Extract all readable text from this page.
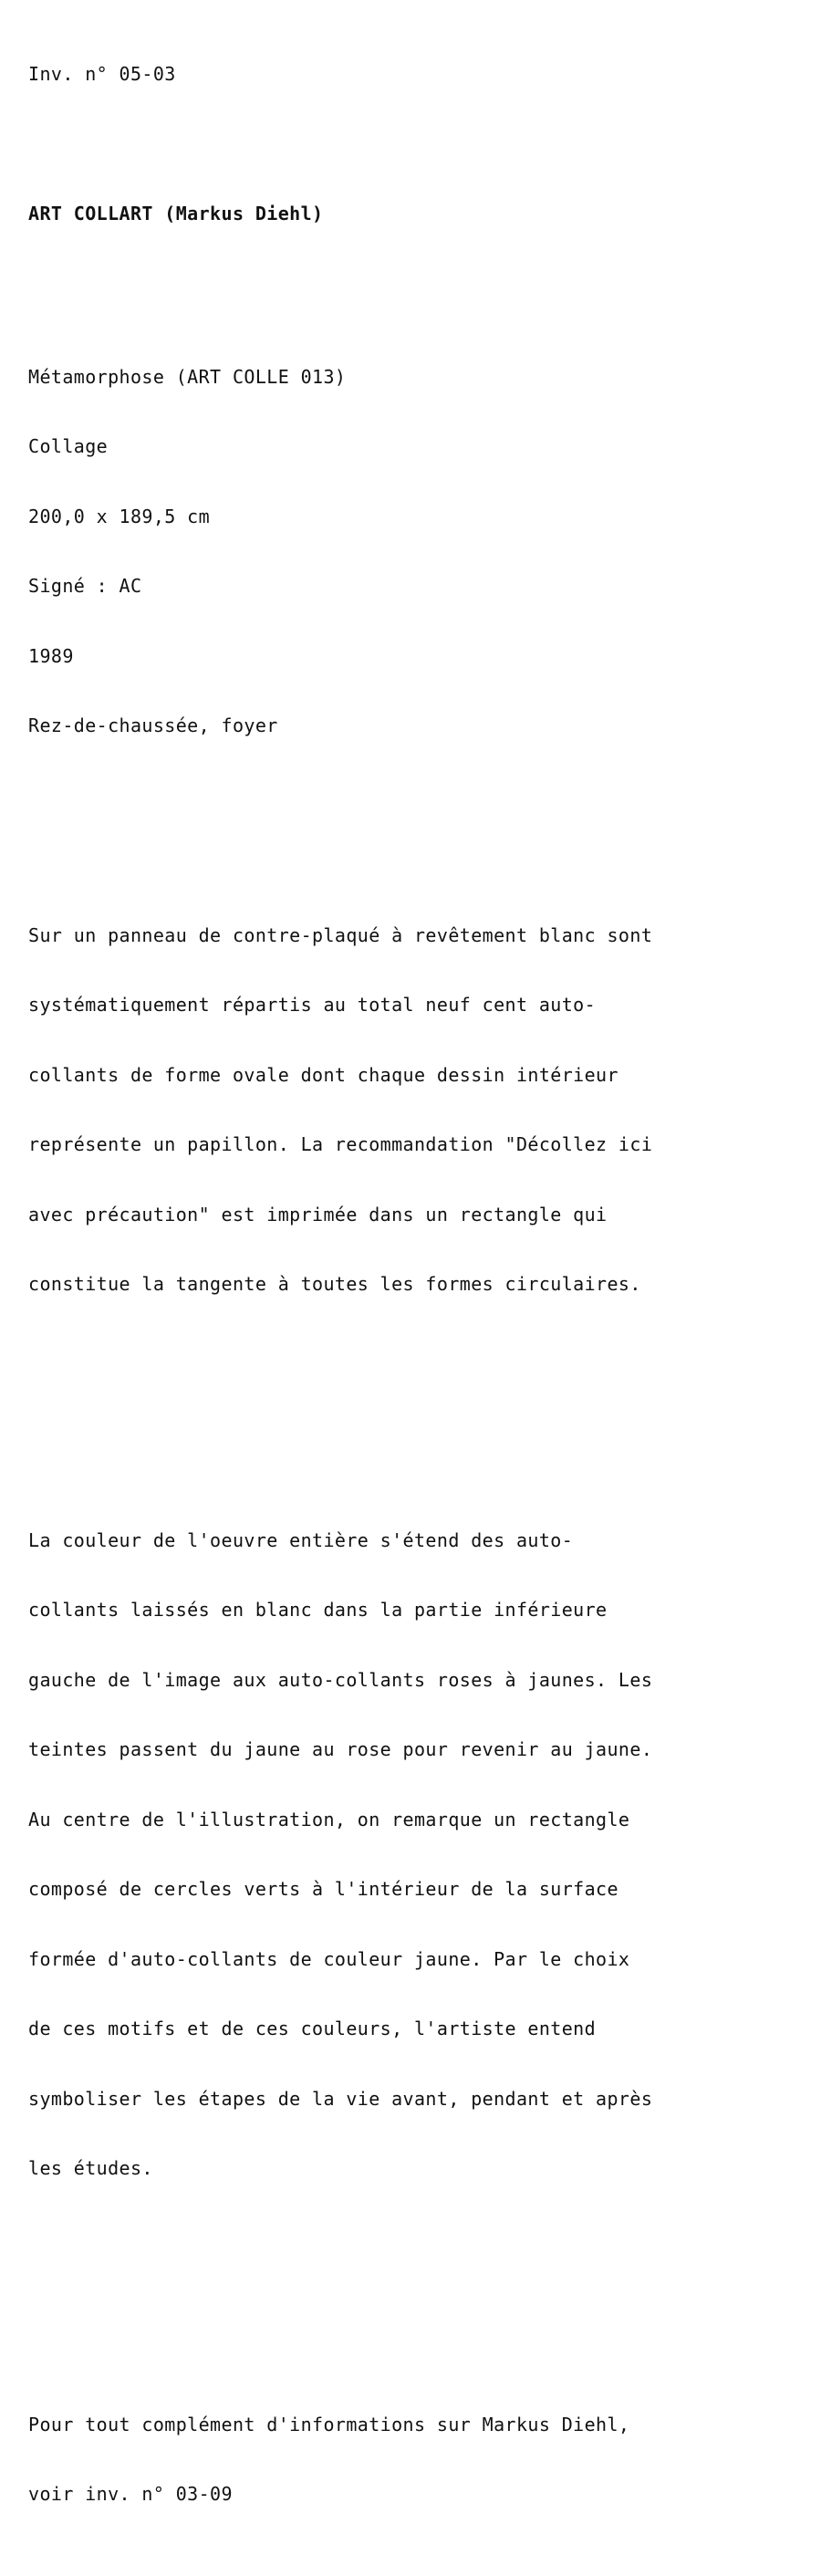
Inv. n° 05-03

ART COLLART (Markus Diehl)

Métamorphose (ART COLLE 013)

Collage

200,0 x 189,5 cm

Signé : AC

1989

Rez-de-chaussée, foyer

Sur un panneau de contre-plaqué à revêtement blanc sont

systématiquement répartis au total neuf cent auto-

collants de forme ovale dont chaque dessin intérieur

représente un papillon. La recommandation "Décollez ici

avec précaution" est imprimée dans un rectangle qui

constitue la tangente à toutes les formes circulaires.

La couleur de l'oeuvre entière s'étend des auto-

collants laissés en blanc dans la partie inférieure

gauche de l'image aux auto-collants roses à jaunes. Les

teintes passent du jaune au rose pour revenir au jaune.

Au centre de l'illustration, on remarque un rectangle

composé de cercles verts à l'intérieur de la surface

formée d'auto-collants de couleur jaune. Par le choix

de ces motifs et de ces couleurs, l'artiste entend

symboliser les étapes de la vie avant, pendant et après

les études.

Pour tout complément d'informations sur Markus Diehl,

voir inv. n° 03-09
